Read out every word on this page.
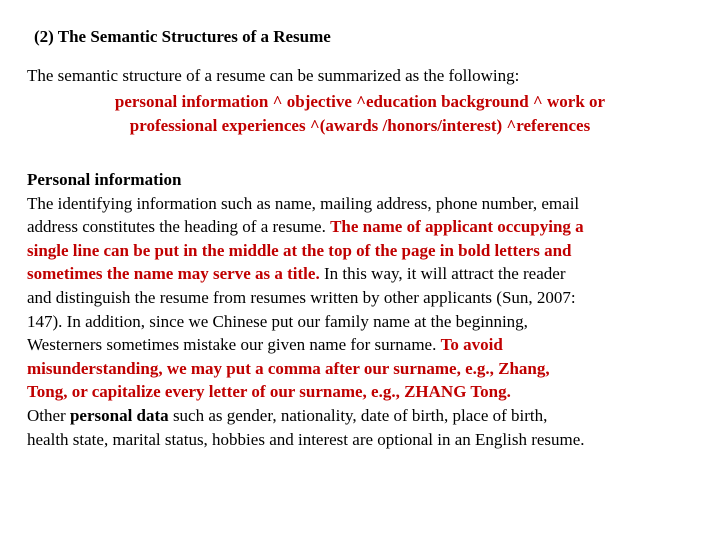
(2) The Semantic Structures of a Resume
The semantic structure of a resume can be summarized as the following:
personal information ^ objective ^education background ^ work or
professional experiences ^(awards /honors/interest) ^references
Personal information
The identifying information such as name, mailing address, phone number, email
address constitutes the heading of a resume. The name of applicant occupying a
single line can be put in the middle at the top of the page in bold letters and
sometimes the name may serve as a title. In this way, it will attract the reader
and distinguish the resume from resumes written by other applicants (Sun, 2007:
147). In addition, since we Chinese put our family name at the beginning,
Westerners sometimes mistake our given name for surname. To avoid
misunderstanding, we may put a comma after our surname, e.g., Zhang,
Tong, or capitalize every letter of our surname, e.g., ZHANG Tong.
Other personal data such as gender, nationality, date of birth, place of birth,
health state, marital status, hobbies and interest are optional in an English resume.
